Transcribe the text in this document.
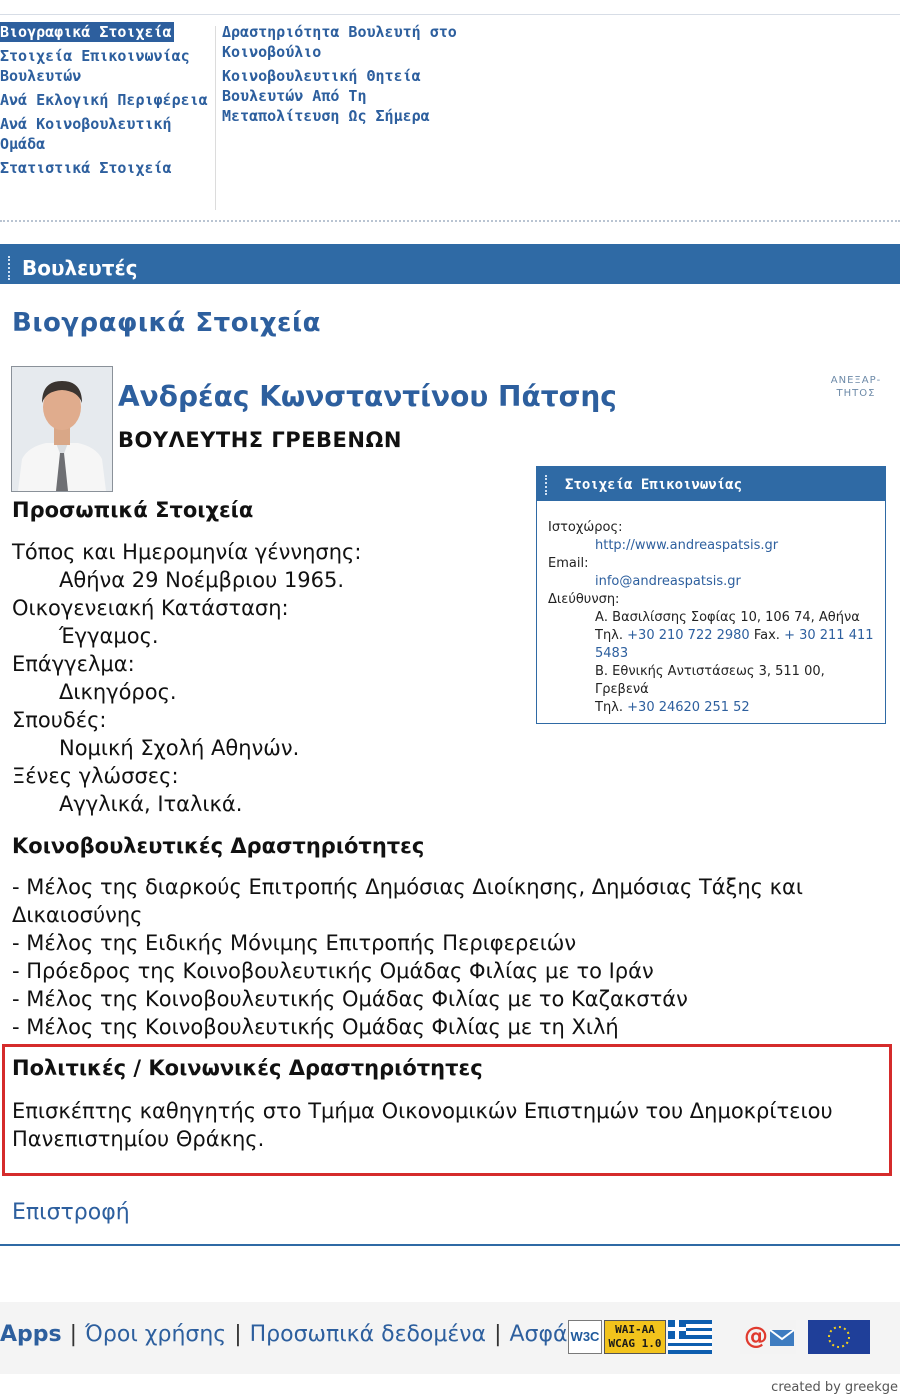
Βιογραφικά Στοιχεία
Στοιχεία Επικοινωνίας Βουλευτών
Ανά Εκλογική Περιφέρεια
Ανά Κοινοβουλευτική Ομάδα
Στατιστικά Στοιχεία
Δραστηριότητα Βουλευτή στο Κοινοβούλιο
Κοινοβουλευτική Θητεία Βουλευτών Από Τη Μεταπολίτευση Ως Σήμερα
Βουλευτές
Βιογραφικά Στοιχεία
Ανδρέας Κωνσταντίνου Πάτσης
ΒΟΥΛΕΥΤΗΣ ΓΡΕΒΕΝΩΝ
ΑΝΕΞΑΡ-ΤΗΤΟΣ
Προσωπικά Στοιχεία
Τόπος και Ημερομηνία γέννησης:
Αθήνα 29 Νοέμβριου 1965.
Οικογενειακή Κατάσταση:
Έγγαμος.
Επάγγελμα:
Δικηγόρος.
Σπουδές:
Νομική Σχολή Αθηνών.
Ξένες γλώσσες:
Αγγλικά, Ιταλικά.
Στοιχεία Επικοινωνίας
Ιστοχώρος:
http://www.andreaspatsis.gr
Email:
info@andreaspatsis.gr
Διεύθυνση:
Α. Βασιλίσσης Σοφίας 10, 106 74, Αθήνα
Τηλ. +30 210 722 2980 Fax. + 30 211 411 5483
Β. Εθνικής Αντιστάσεως 3, 511 00, Γρεβενά
Τηλ. +30 24620 251 52
Κοινοβουλευτικές Δραστηριότητες
- Μέλος της διαρκούς Επιτροπής Δημόσιας Διοίκησης, Δημόσιας Τάξης και Δικαιοσύνης
- Μέλος της Ειδικής Μόνιμης Επιτροπής Περιφερειών
- Πρόεδρος της Κοινοβουλευτικής Ομάδας Φιλίας με το Ιράν
- Μέλος της Κοινοβουλευτικής Ομάδας Φιλίας με το Καζακστάν
- Μέλος της Κοινοβουλευτικής Ομάδας Φιλίας με τη Χιλή
Πολιτικές / Κοινωνικές Δραστηριότητες
Επισκέπτης καθηγητής στο Τμήμα Οικονομικών Επιστημών του Δημοκρίτειου Πανεπιστημίου Θράκης.
Επιστροφή
Apps | Όροι χρήσης | Προσωπικά δεδομένα | Ασφά W3C	WAI-AA
WCAG 1.0	@
created by greekge
